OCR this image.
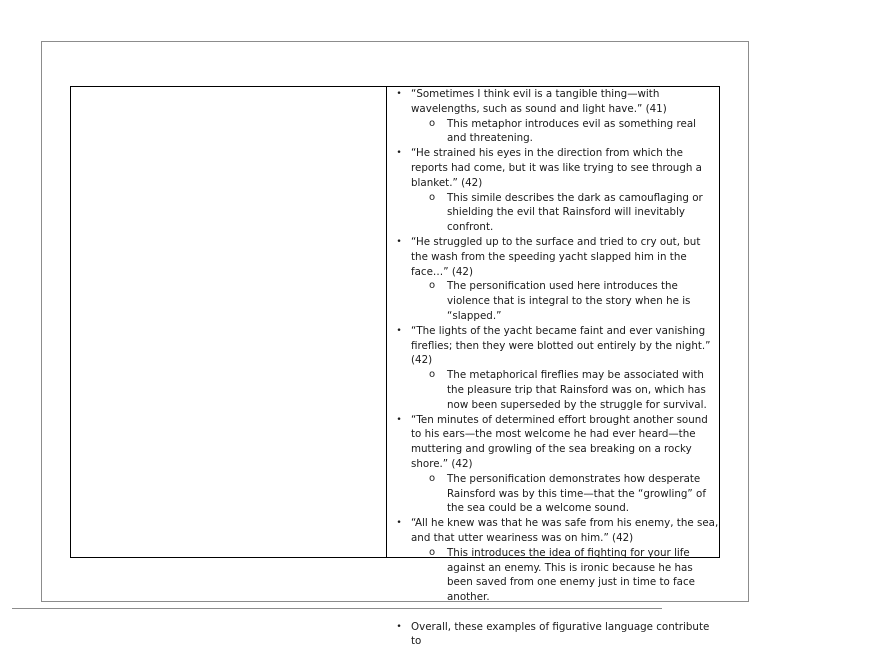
• “Sometimes I think evil is a tangible thing—with wavelengths, such as sound and light have.” (41)
o This metaphor introduces evil as something real and threatening.
• “He strained his eyes in the direction from which the reports had come, but it was like trying to see through a blanket.” (42)
o This simile describes the dark as camouflaging or shielding the evil that Rainsford will inevitably confront.
• “He struggled up to the surface and tried to cry out, but the wash from the speeding yacht slapped him in the face…” (42)
o The personification used here introduces the violence that is integral to the story when he is “slapped.”
• “The lights of the yacht became faint and ever vanishing fireflies; then they were blotted out entirely by the night.” (42)
o The metaphorical fireflies may be associated with the pleasure trip that Rainsford was on, which has now been superseded by the struggle for survival.
• “Ten minutes of determined effort brought another sound to his ears—the most welcome he had ever heard—the muttering and growling of the sea breaking on a rocky shore.” (42)
o The personification demonstrates how desperate Rainsford was by this time—that the “growling” of the sea could be a welcome sound.
• “All he knew was that he was safe from his enemy, the sea, and that utter weariness was on him.” (42)
o This introduces the idea of fighting for your life against an enemy. This is ironic because he has been saved from one enemy just in time to face another.
• Overall, these examples of figurative language contribute to
